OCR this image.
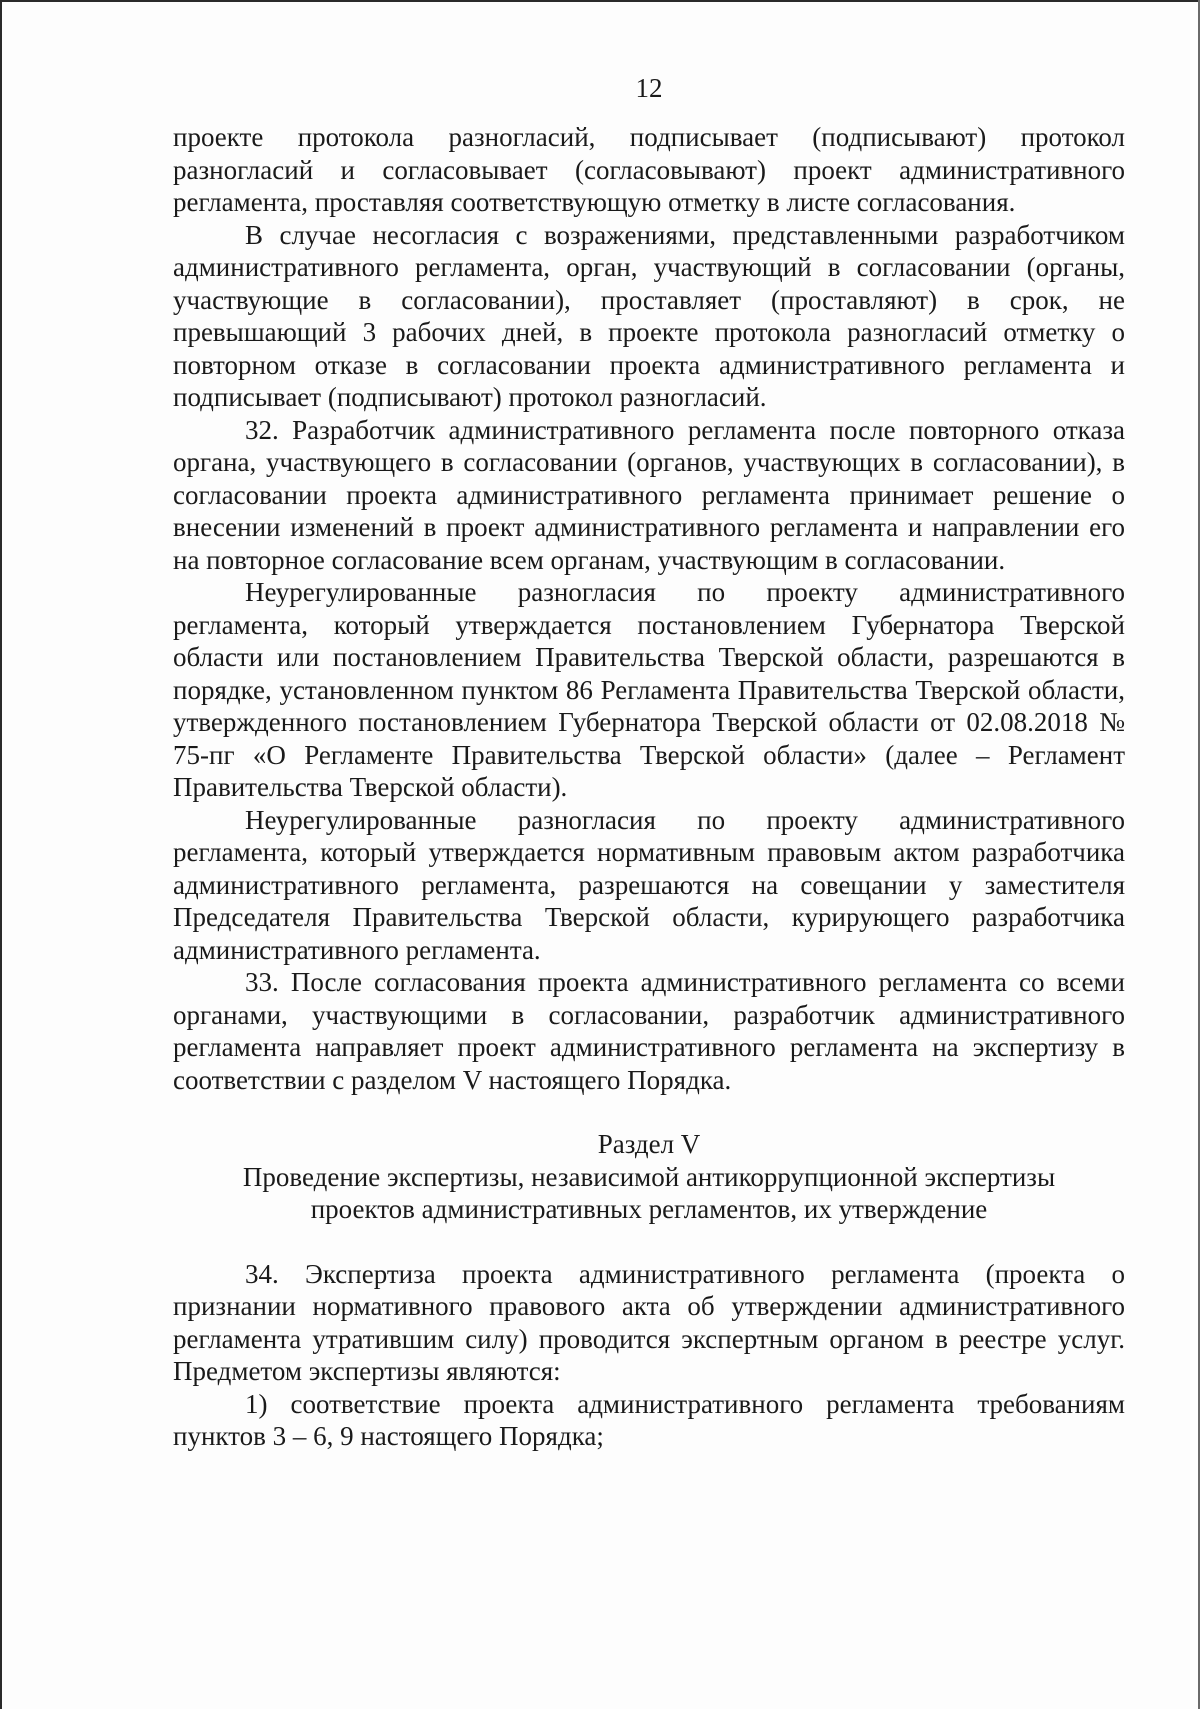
12

проекте протокола разногласий, подписывает (подписывают) протокол разногласий и согласовывает (согласовывают) проект административного регламента, проставляя соответствующую отметку в листе согласования.

В случае несогласия с возражениями, представленными разработчиком административного регламента, орган, участвующий в согласовании (органы, участвующие в согласовании), проставляет (проставляют) в срок, не превышающий 3 рабочих дней, в проекте протокола разногласий отметку о повторном отказе в согласовании проекта административного регламента и подписывает (подписывают) протокол разногласий.

32. Разработчик административного регламента после повторного отказа органа, участвующего в согласовании (органов, участвующих в согласовании), в согласовании проекта административного регламента принимает решение о внесении изменений в проект административного регламента и направлении его на повторное согласование всем органам, участвующим в согласовании.

Неурегулированные разногласия по проекту административного регламента, который утверждается постановлением Губернатора Тверской области или постановлением Правительства Тверской области, разрешаются в порядке, установленном пунктом 86 Регламента Правительства Тверской области, утвержденного постановлением Губернатора Тверской области от 02.08.2018 № 75-пг «О Регламенте Правительства Тверской области» (далее – Регламент Правительства Тверской области).

Неурегулированные разногласия по проекту административного регламента, который утверждается нормативным правовым актом разработчика административного регламента, разрешаются на совещании у заместителя Председателя Правительства Тверской области, курирующего разработчика административного регламента.

33. После согласования проекта административного регламента со всеми органами, участвующими в согласовании, разработчик административного регламента направляет проект административного регламента на экспертизу в соответствии с разделом V настоящего Порядка.

Раздел V

Проведение экспертизы, независимой антикоррупционной экспертизы

проектов административных регламентов, их утверждение

34. Экспертиза проекта административного регламента (проекта о признании нормативного правового акта об утверждении административного регламента утратившим силу) проводится экспертным органом в реестре услуг. Предметом экспертизы являются:

1) соответствие проекта административного регламента требованиям пунктов 3 – 6, 9 настоящего Порядка;
